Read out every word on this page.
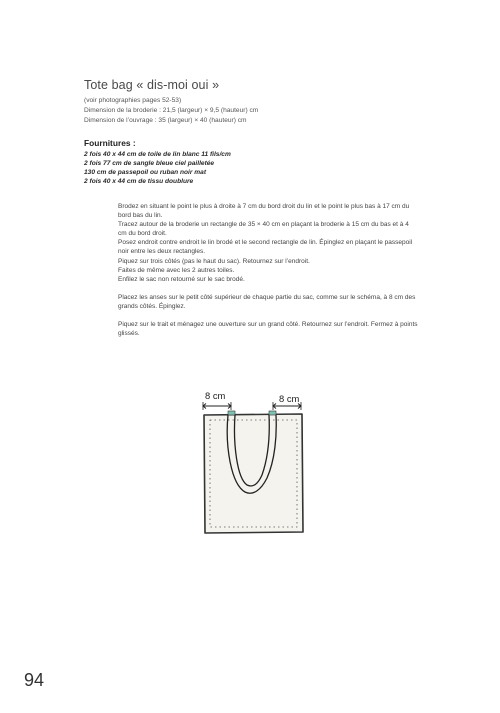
Tote bag « dis-moi oui »
(voir photographies pages 52-53)
Dimension de la broderie : 21,5 (largeur) × 9,5 (hauteur) cm
Dimension de l’ouvrage : 35 (largeur) × 40 (hauteur) cm
Fournitures :
2 fois 40 x 44 cm de toile de lin blanc 11 fils/cm
2 fois 77 cm de sangle bleue ciel pailletée
130 cm de passepoil ou ruban noir mat
2 fois 40 x 44 cm de tissu doublure

Brodez en situant le point le plus à droite à 7 cm du bord droit du lin et le point le plus bas à 17 cm du bord bas du lin.

Tracez autour de la broderie un rectangle de 35 × 40 cm en plaçant la broderie à 15 cm du bas et à 4 cm du bord droit.

Posez endroit contre endroit le lin brodé et le second rectangle de lin. Épinglez en plaçant le passepoil noir entre les deux rectangles.

Piquez sur trois côtés (pas le haut du sac). Retournez sur l’endroit.

Faites de même avec les 2 autres toiles.

Enfilez le sac non retourné sur le sac brodé.

Placez les anses sur le petit côté supérieur de chaque partie du sac, comme sur le schéma, à 8 cm des grands côtés. Épinglez.

Piquez sur le trait et ménagez une ouverture sur un grand côté. Retournez sur l’endroit. Fermez à points glissés.

8 cm	8 cm
94
